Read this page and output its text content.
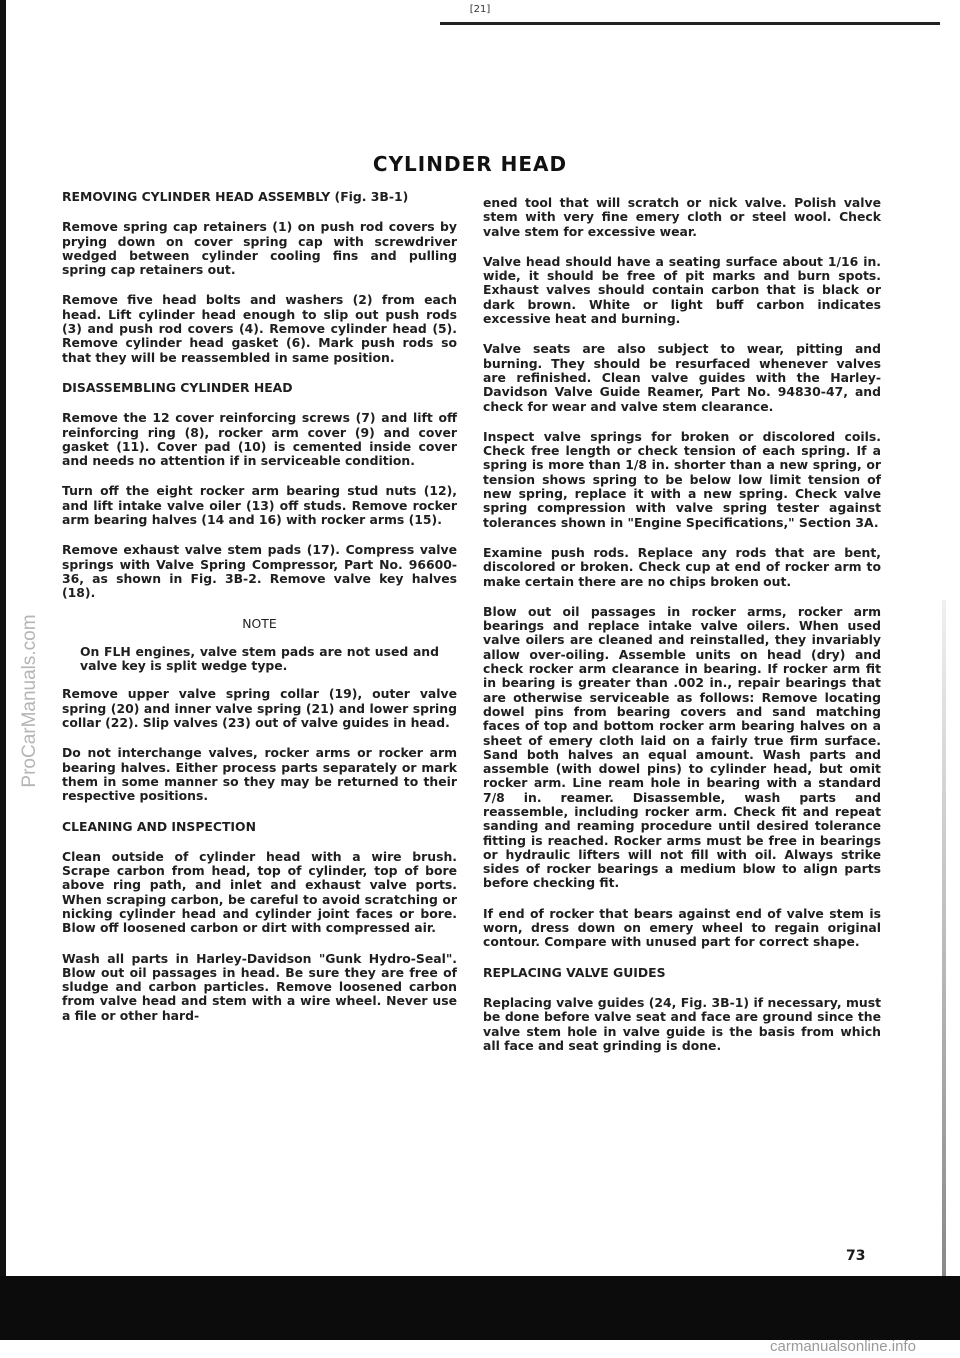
[21]
ProCarManuals.com
CYLINDER HEAD
REMOVING CYLINDER HEAD ASSEMBLY (Fig. 3B-1)

Remove spring cap retainers (1) on push rod covers by prying down on cover spring cap with screwdriver wedged between cylinder cooling fins and pulling spring cap retainers out.

Remove five head bolts and washers (2) from each head. Lift cylinder head enough to slip out push rods (3) and push rod covers (4). Remove cylinder head (5). Remove cylinder head gasket (6). Mark push rods so that they will be reassembled in same position.

DISASSEMBLING CYLINDER HEAD

Remove the 12 cover reinforcing screws (7) and lift off reinforcing ring (8), rocker arm cover (9) and cover gasket (11). Cover pad (10) is cemented inside cover and needs no attention if in serviceable condition.

Turn off the eight rocker arm bearing stud nuts (12), and lift intake valve oiler (13) off studs. Remove rocker arm bearing halves (14 and 16) with rocker arms (15).

Remove exhaust valve stem pads (17). Compress valve springs with Valve Spring Compressor, Part No. 96600-36, as shown in Fig. 3B-2. Remove valve key halves (18).

NOTE

On FLH engines, valve stem pads are not used and valve key is split wedge type.

Remove upper valve spring collar (19), outer valve spring (20) and inner valve spring (21) and lower spring collar (22). Slip valves (23) out of valve guides in head.

Do not interchange valves, rocker arms or rocker arm bearing halves. Either process parts separately or mark them in some manner so they may be returned to their respective positions.

CLEANING AND INSPECTION

Clean outside of cylinder head with a wire brush. Scrape carbon from head, top of cylinder, top of bore above ring path, and inlet and exhaust valve ports. When scraping carbon, be careful to avoid scratching or nicking cylinder head and cylinder joint faces or bore. Blow off loosened carbon or dirt with compressed air.

Wash all parts in Harley-Davidson "Gunk Hydro-Seal". Blow out oil passages in head. Be sure they are free of sludge and carbon particles. Remove loosened carbon from valve head and stem with a wire wheel. Never use a file or other hard-

ened tool that will scratch or nick valve. Polish valve stem with very fine emery cloth or steel wool. Check valve stem for excessive wear.

Valve head should have a seating surface about 1/16 in. wide, it should be free of pit marks and burn spots. Exhaust valves should contain carbon that is black or dark brown. White or light buff carbon indicates excessive heat and burning.

Valve seats are also subject to wear, pitting and burning. They should be resurfaced whenever valves are refinished. Clean valve guides with the Harley-Davidson Valve Guide Reamer, Part No. 94830-47, and check for wear and valve stem clearance.

Inspect valve springs for broken or discolored coils. Check free length or check tension of each spring. If a spring is more than 1/8 in. shorter than a new spring, or tension shows spring to be below low limit tension of new spring, replace it with a new spring. Check valve spring compression with valve spring tester against tolerances shown in "Engine Specifications," Section 3A.

Examine push rods. Replace any rods that are bent, discolored or broken. Check cup at end of rocker arm to make certain there are no chips broken out.

Blow out oil passages in rocker arms, rocker arm bearings and replace intake valve oilers. When used valve oilers are cleaned and reinstalled, they invariably allow over-oiling. Assemble units on head (dry) and check rocker arm clearance in bearing. If rocker arm fit in bearing is greater than .002 in., repair bearings that are otherwise serviceable as follows: Remove locating dowel pins from bearing covers and sand matching faces of top and bottom rocker arm bearing halves on a sheet of emery cloth laid on a fairly true firm surface. Sand both halves an equal amount. Wash parts and assemble (with dowel pins) to cylinder head, but omit rocker arm. Line ream hole in bearing with a standard 7/8 in. reamer. Disassemble, wash parts and reassemble, including rocker arm. Check fit and repeat sanding and reaming procedure until desired tolerance fitting is reached. Rocker arms must be free in bearings or hydraulic lifters will not fill with oil. Always strike sides of rocker bearings a medium blow to align parts before checking fit.

If end of rocker that bears against end of valve stem is worn, dress down on emery wheel to regain original contour. Compare with unused part for correct shape.

REPLACING VALVE GUIDES

Replacing valve guides (24, Fig. 3B-1) if necessary, must be done before valve seat and face are ground since the valve stem hole in valve guide is the basis from which all face and seat grinding is done.

73
carmanualsonline.info
